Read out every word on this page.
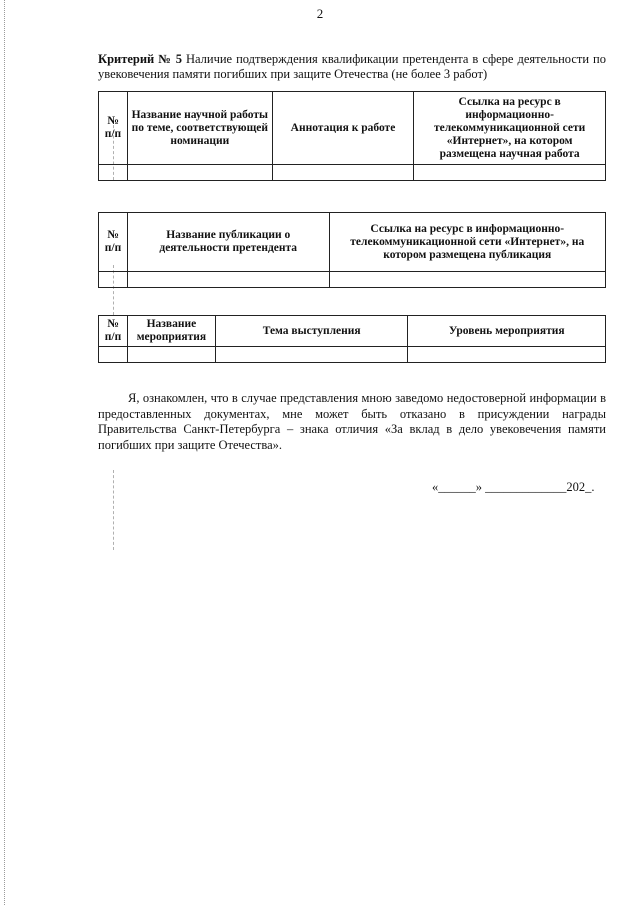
2
Критерий № 5 Наличие подтверждения квалификации претендента в сфере деятельности по увековечения памяти погибших при защите Отечества (не более 3 работ)
№ п/п	Название научной работы по теме, соответствующей номинации	Аннотация к работе	Ссылка на ресурс в информационно-телекоммуникационной сети «Интернет», на котором размещена научная работа

№ п/п	Название публикации о деятельности претендента	Ссылка на ресурс в информационно-телекоммуникационной сети «Интернет», на котором размещена публикация

№ п/п	Название мероприятия	Тема выступления	Уровень мероприятия

Я, ознакомлен, что в случае представления мною заведомо недостоверной информации в предоставленных документах, мне может быть отказано в присуждении награды Правительства Санкт-Петербурга – знака отличия «За вклад в дело увековечения памяти погибших при защите Отечества».
«______» _____________202_.
